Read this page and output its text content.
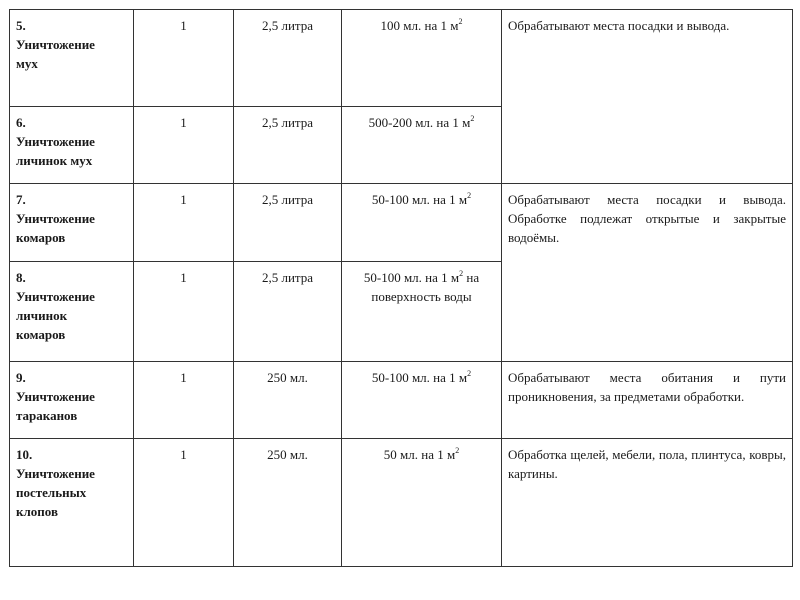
5.
Уничтожение
мух	1	2,5 литра	100 мл. на 1 $м^2$	Обрабатывают места посадки и вывода.
6.
Уничтожение
личинок мух	1	2,5 литра	500-200 мл. на 1 $м^2$
7.
Уничтожение
комаров	1	2,5 литра	50-100 мл. на 1 $м^2$	Обрабатывают места посадки и вывода. Обработке подлежат открытые и закрытые водоёмы.
8.
Уничтожение
личинок
комаров	1	2,5 литра	50-100 мл. на 1 $м^2$ на поверхность воды	
9.
Уничтожение
тараканов	1	250 мл.	50-100 мл. на 1 $м^2$	Обрабатывают места обитания и пути проникновения, за предметами обработки.
10.
Уничтожение
постельных
клопов	1	250 мл.	50 мл. на 1 $м^2$	Обработка щелей, мебели, пола, плинтуса, ковры, картины.
